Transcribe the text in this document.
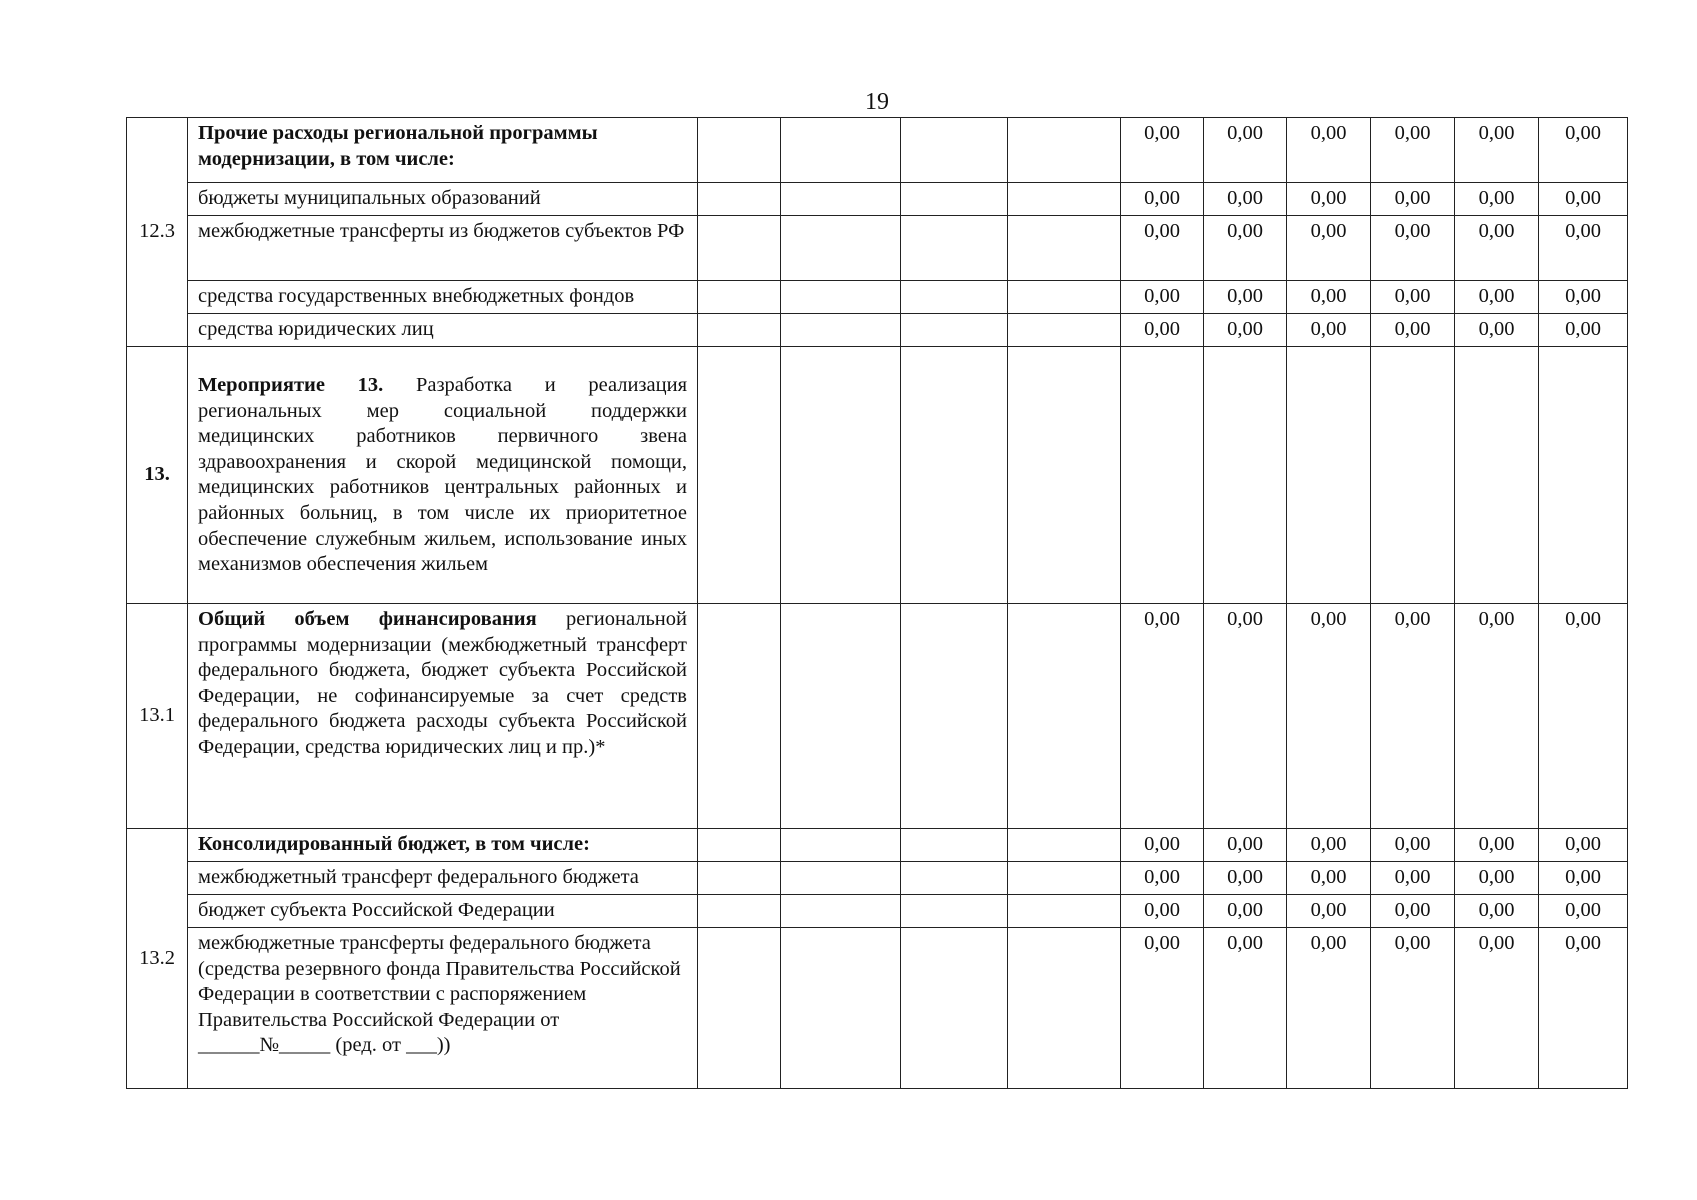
19
12.3	Прочие расходы региональной программы модернизации, в том числе:					0,00	0,00	0,00	0,00	0,00	0,00
	бюджеты муниципальных образований					0,00	0,00	0,00	0,00	0,00	0,00
	межбюджетные трансферты из бюджетов субъектов РФ					0,00	0,00	0,00	0,00	0,00	0,00
	средства государственных внебюджетных фондов					0,00	0,00	0,00	0,00	0,00	0,00
	средства юридических лиц					0,00	0,00	0,00	0,00	0,00	0,00
13.	Мероприятие 13. Разработка и реализация региональных мер социальной поддержки медицинских работников первичного звена здравоохранения и скорой медицинской помощи, медицинских работников центральных районных и районных больниц, в том числе их приоритетное обеспечение служебным жильем, использование иных механизмов обеспечения жильем										
13.1	Общий объем финансирования региональной программы модернизации (межбюджетный трансферт федерального бюджета, бюджет субъекта Российской Федерации, не софинансируемые за счет средств федерального бюджета расходы субъекта Российской Федерации, средства юридических лиц и пр.)*					0,00	0,00	0,00	0,00	0,00	0,00
13.2	Консолидированный бюджет, в том числе:					0,00	0,00	0,00	0,00	0,00	0,00
	межбюджетный трансферт федерального бюджета					0,00	0,00	0,00	0,00	0,00	0,00
	бюджет субъекта Российской Федерации					0,00	0,00	0,00	0,00	0,00	0,00
	межбюджетные трансферты федерального бюджета (средства резервного фонда Правительства Российской Федерации в соответствии с распоряжением Правительства Российской Федерации от ______№_____ (ред. от ___))					0,00	0,00	0,00	0,00	0,00	0,00
